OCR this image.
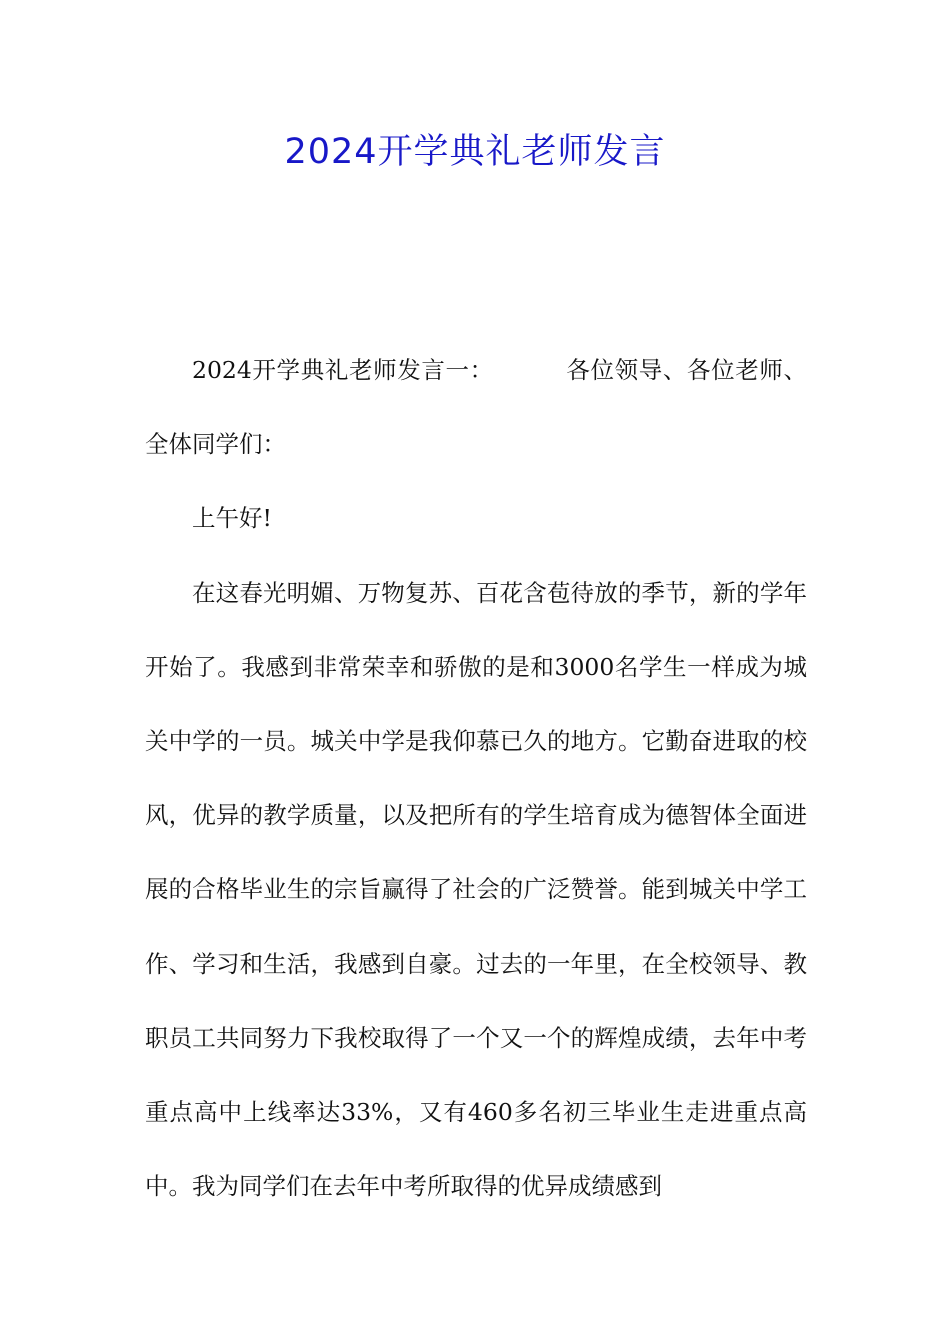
2024开学典礼老师发言

2024开学典礼老师发言一：	各位领导、各位老师、全体同学们：

上午好!

在这春光明媚、万物复苏、百花含苞待放的季节，新的学年开始了。我感到非常荣幸和骄傲的是和3000名学生一样成为城关中学的一员。城关中学是我仰慕已久的地方。它勤奋进取的校风，优异的教学质量，以及把所有的学生培育成为德智体全面进展的合格毕业生的宗旨赢得了社会的广泛赞誉。能到城关中学工作、学习和生活，我感到自豪。过去的一年里，在全校领导、教职员工共同努力下我校取得了一个又一个的辉煌成绩，去年中考重点高中上线率达33%，又有460多名初三毕业生走进重点高中。我为同学们在去年中考所取得的优异成绩感到
